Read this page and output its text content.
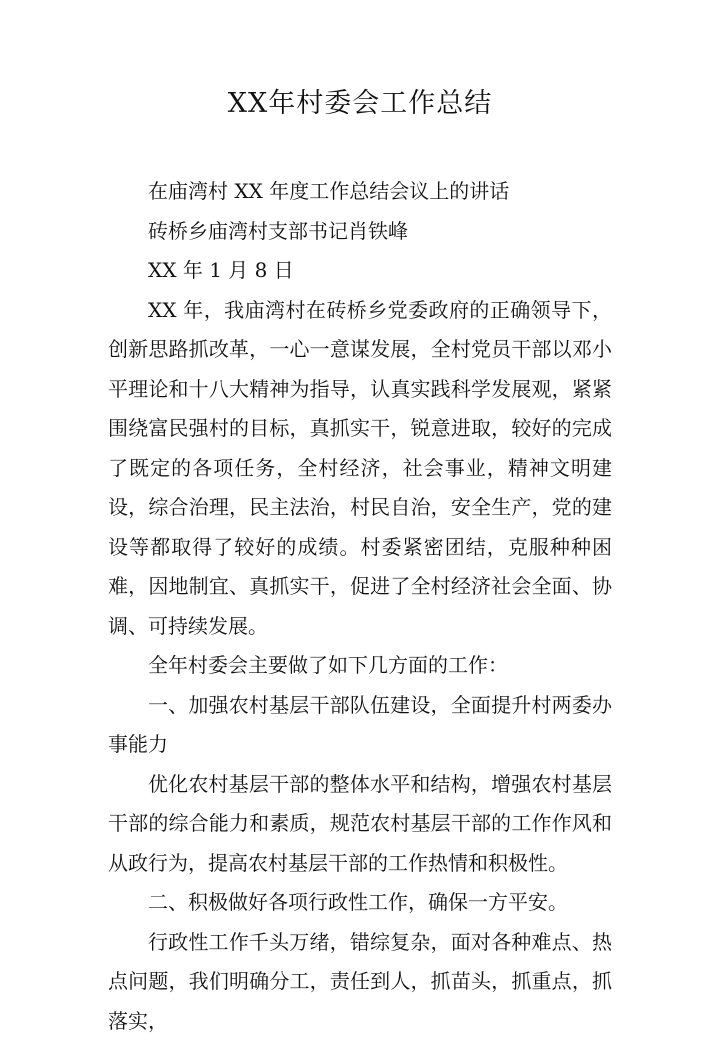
XX年村委会工作总结

在庙湾村 XX 年度工作总结会议上的讲话

砖桥乡庙湾村支部书记肖铁峰

XX 年 1 月 8 日

XX 年，我庙湾村在砖桥乡党委政府的正确领导下，创新思路抓改革，一心一意谋发展，全村党员干部以邓小平理论和十八大精神为指导，认真实践科学发展观，紧紧围绕富民强村的目标，真抓实干，锐意进取，较好的完成了既定的各项任务，全村经济，社会事业，精神文明建设，综合治理，民主法治，村民自治，安全生产，党的建设等都取得了较好的成绩。村委紧密团结，克服种种困难，因地制宜、真抓实干，促进了全村经济社会全面、协调、可持续发展。

全年村委会主要做了如下几方面的工作：

一、加强农村基层干部队伍建设，全面提升村两委办事能力

优化农村基层干部的整体水平和结构，增强农村基层干部的综合能力和素质，规范农村基层干部的工作作风和从政行为，提高农村基层干部的工作热情和积极性。

二、积极做好各项行政性工作，确保一方平安。

行政性工作千头万绪，错综复杂，面对各种难点、热点问题，我们明确分工，责任到人，抓苗头，抓重点，抓落实，
